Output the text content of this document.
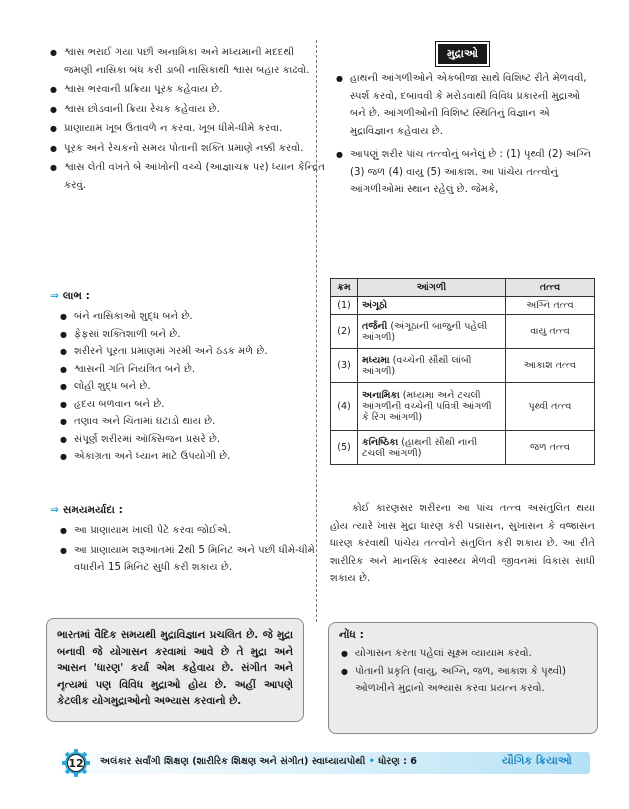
● શ્વાસ ભરાઈ ગયા પછી અનામિકા અને મધ્યમાની મદદથી જમણી નાસિકા બંધ કરી ડાબી નાસિકાથી શ્વાસ બહાર કાઢવો.
● શ્વાસ ભરવાની પ્રક્રિયા પૂરક કહેવાય છે.
● શ્વાસ છોડવાની ક્રિયા રેચક કહેવાય છે.
● પ્રાણાયામ ખૂબ ઉતાવળે ન કરવા. ખૂબ ધીમે-ધીમે કરવા.
● પૂરક અને રેચકનો સમય પોતાની શક્તિ પ્રમાણે નક્કી કરવો.
● શ્વાસ લેતી વખતે બે આંખોની વચ્ચે (આજ્ઞાચક્ર પર) ધ્યાન કેન્દ્રિત કરવું.
⇒ લાભ :
● બંને નાસિકાઓ શુદ્ધ બને છે.
● ફેફસાં શક્તિશાળી બને છે.
● શરીરને પૂરતા પ્રમાણમાં ગરમી અને ઠંડક મળે છે.
● શ્વાસની ગતિ નિયંત્રિત બને છે.
● લોહી શુદ્ધ બને છે.
● હૃદય બળવાન બને છે.
● તણાવ અને ચિંતામાં ઘટાડો થાય છે.
● સંપૂર્ણ શરીરમાં ઑક્સિજન પ્રસરે છે.
● એકાગ્રતા અને ધ્યાન માટે ઉપયોગી છે.
⇒ સમયમર્યાદા :
● આ પ્રાણાયામ ખાલી પેટે કરવા જોઈએ.
● આ પ્રાણાયામ શરૂઆતમાં 2થી 5 મિનિટ અને પછી ધીમે-ધીમે વધારીને 15 મિનિટ સુધી કરી શકાય છે.

ભારતમાં વૈદિક સમયથી મુદ્રાવિજ્ઞાન પ્રચલિત છે. જે મુદ્રા બનાવી જે યોગાસન કરવામાં આવે છે તે મુદ્રા અને આસન 'ધારણ' કર્યા એમ કહેવાય છે. સંગીત અને નૃત્યમાં પણ વિવિધ મુદ્રાઓ હોય છે. અહીં આપણે કેટલીક યોગમુદ્રાઓનો અભ્યાસ કરવાનો છે.

મુદ્રાઓ
● હાથની આંગળીઓને એકબીજા સાથે વિશિષ્ટ રીતે મેળવવી, સ્પર્શ કરવો, દબાવવી કે મરોડવાથી વિવિધ પ્રકારની મુદ્રાઓ બને છે. આંગળીઓની વિશિષ્ટ સ્થિતિનું વિજ્ઞાન એ મુદ્રાવિજ્ઞાન કહેવાય છે.
● આપણું શરીર પાંચ તત્ત્વોનું બનેલું છે : (1) પૃથ્વી (2) અગ્નિ (3) જળ (4) વાયુ (5) આકાશ. આ પાંચેય તત્ત્વોનું આંગળીઓમાં સ્થાન રહેલું છે. જેમકે,
ક્રમ	આંગળી	તત્ત્વ
(1)	અંગૂઠો	અગ્નિ તત્ત્વ
(2)	તર્જની (અંગૂઠાની બાજુની પહેલી આંગળી)	વાયુ તત્ત્વ
(3)	મધ્યમા (વચ્ચેની સૌથી લાંબી આંગળી)	આકાશ તત્ત્વ
(4)	અનામિકા (મધ્યમા અને ટચલી આંગળીની વચ્ચેની પવિત્રી આંગળી કે રિંગ આંગળી)	પૃથ્વી તત્ત્વ
(5)	કનિષ્ઠિકા (હાથની સૌથી નાની ટચલી આંગળી)	જળ તત્ત્વ

કોઈ કારણસર શરીરના આ પાંચ તત્ત્વ અસંતુલિત થયા હોય ત્યારે ખાસ મુદ્રા ધારણ કરી પદ્માસન, સુખાસન કે વજ્રાસન ધારણ કરવાથી પાંચેય તત્ત્વોને સંતુલિત કરી શકાય છે. આ રીતે શારીરિક અને માનસિક સ્વાસ્થ્ય મેળવી જીવનમાં વિકાસ સાધી શકાય છે.

નોંધ :
● યોગાસન કરતા પહેલાં સૂક્ષ્મ વ્યાયામ કરવો.
● પોતાની પ્રકૃતિ (વાયુ, અગ્નિ, જળ, આકાશ કે પૃથ્વી) ઓળખીને મુદ્રાનો અભ્યાસ કરવા પ્રયત્ન કરવો.
12 અલંકાર સર્વાંગી શિક્ષણ (શારીરિક શિક્ષણ અને સંગીત) સ્વાધ્યાયપોથી • ધોરણ : 6	યૌગિક ક્રિયાઓ
